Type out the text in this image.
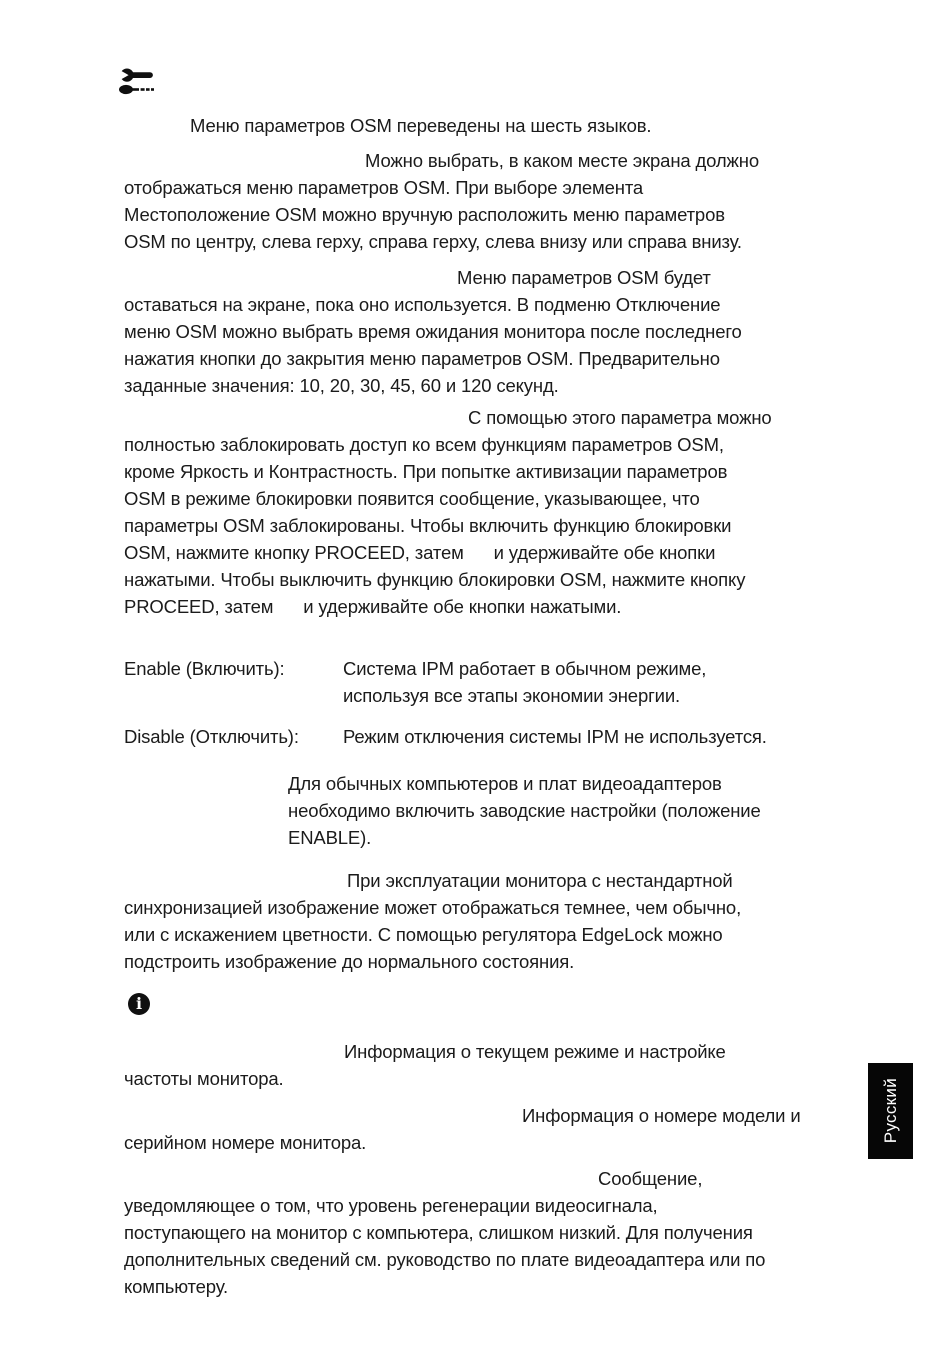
i
Меню параметров OSM переведены на шесть языков.
Можно выбрать, в каком месте экрана должно
отображаться меню параметров OSM. При выборе элемента
Местоположение OSM можно вручную расположить меню параметров
OSM по центру, слева герху, справа герху, слева внизу или справа внизу.
Меню параметров OSM будет
оставаться на экране, пока оно используется. В подменю Отключение
меню OSM можно выбрать время ожидания монитора после последнего
нажатия кнопки до закрытия меню параметров OSM. Предварительно
заданные значения: 10, 20, 30, 45, 60 и 120 секунд.
С помощью этого параметра можно
полностью заблокировать доступ ко всем функциям параметров OSM,
кроме Яркость и Контрастность. При попытке активизации параметров
OSM в режиме блокировки появится сообщение, указывающее, что
параметры OSM заблокированы. Чтобы включить функцию блокировки
OSM, нажмите кнопку PROCEED, затем      и удерживайте обе кнопки
нажатыми. Чтобы выключить функцию блокировки OSM, нажмите кнопку
PROCEED, затем      и удерживайте обе кнопки нажатыми.
Enable (Включить):	Система IPM работает в обычном режиме,
используя все этапы экономии энергии.
Disable (Отключить):	Режим отключения системы IPM не используется.
Для обычных компьютеров и плат видеоадаптеров
необходимо включить заводские настройки (положение
ENABLE).
При эксплуатации монитора с нестандартной
синхронизацией изображение может отображаться темнее, чем обычно,
или с искажением цветности. С помощью регулятора EdgeLock можно
подстроить изображение до нормального состояния.
Информация о текущем режиме и настройке
частоты монитора.
Информация о номере модели и
серийном номере монитора.
Сообщение,
уведомляющее о том, что уровень регенерации видеосигнала,
поступающего на монитор с компьютера, слишком низкий. Для получения
дополнительных сведений см. руководство по плате видеоадаптера или по
компьютеру.
Русский
